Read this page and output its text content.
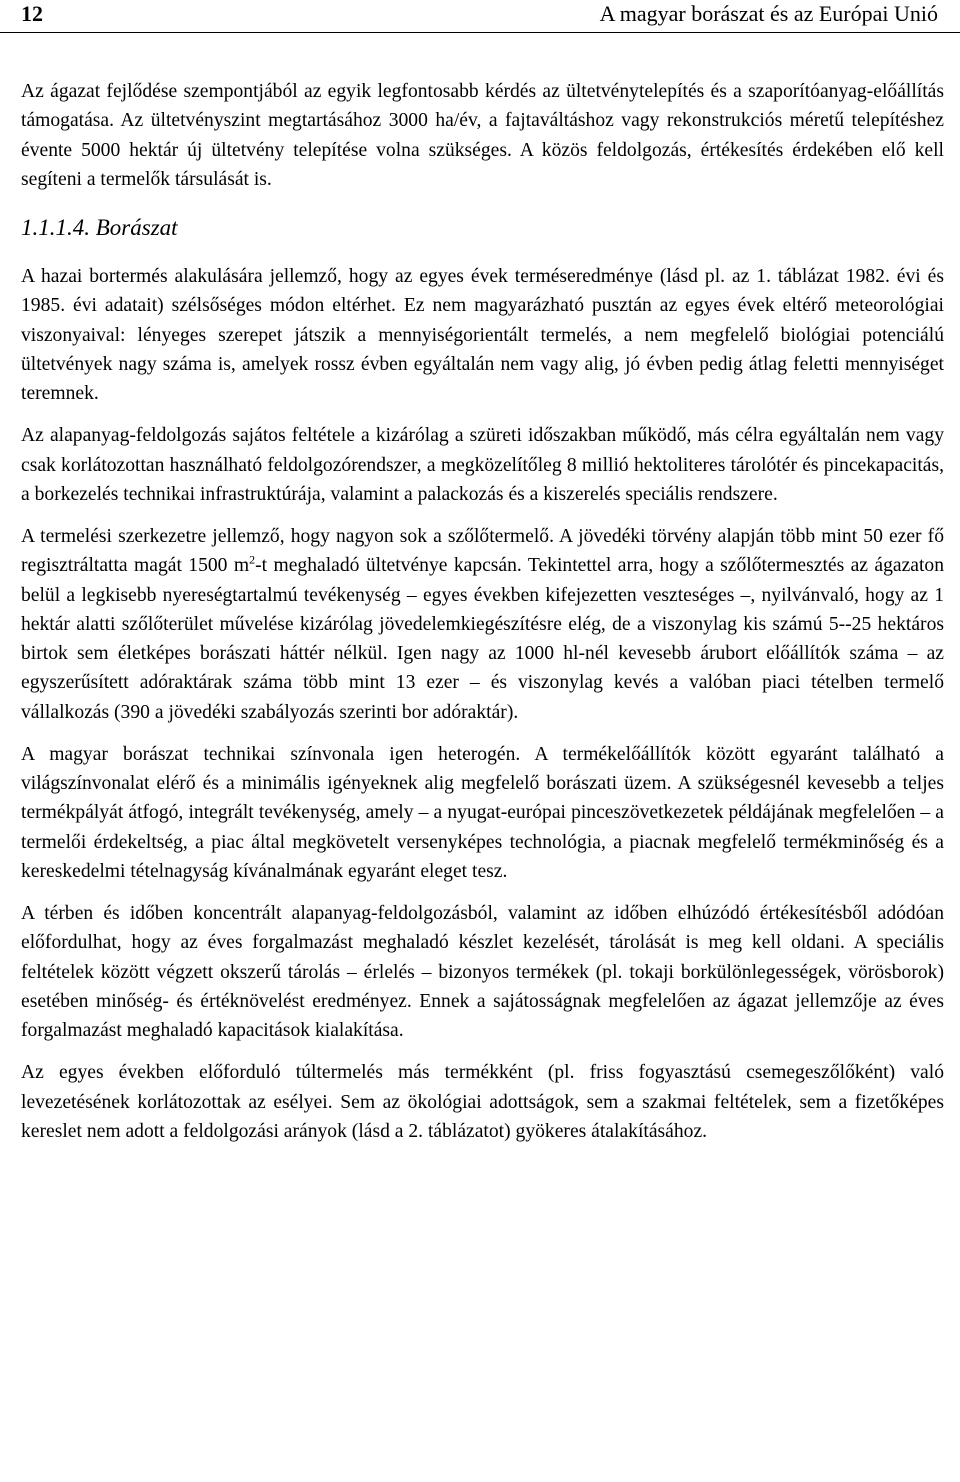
12	A magyar borászat és az Európai Unió

Az ágazat fejlődése szempontjából az egyik legfontosabb kérdés az ültetvénytelepítés és a szaporítóanyag-előállítás támogatása. Az ültetvényszint megtartásához 3000 ha/év, a fajtaváltáshoz vagy rekonstrukciós méretű telepítéshez évente 5000 hektár új ültetvény telepítése volna szükséges. A közös feldolgozás, értékesítés érdekében elő kell segíteni a termelők társulását is.

1.1.1.4. Borászat

A hazai bortermés alakulására jellemző, hogy az egyes évek terméseredménye (lásd pl. az 1. táblázat 1982. évi és 1985. évi adatait) szélsőséges módon eltérhet. Ez nem magyarázható pusztán az egyes évek eltérő meteorológiai viszonyaival: lényeges szerepet játszik a mennyiségorientált termelés, a nem megfelelő biológiai potenciálú ültetvények nagy száma is, amelyek rossz évben egyáltalán nem vagy alig, jó évben pedig átlag feletti mennyiséget teremnek.

Az alapanyag-feldolgozás sajátos feltétele a kizárólag a szüreti időszakban működő, más célra egyáltalán nem vagy csak korlátozottan használható feldolgozórendszer, a megközelítőleg 8 millió hektoliteres tárolótér és pincekapacitás, a borkezelés technikai infrastruktúrája, valamint a palackozás és a kiszerelés speciális rendszere.

A termelési szerkezetre jellemző, hogy nagyon sok a szőlőtermelő. A jövedéki törvény alapján több mint 50 ezer fő regisztráltatta magát 1500 $m^2-t$ meghaladó ültetvénye kapcsán. Tekintettel arra, hogy a szőlőtermesztés az ágazaton belül a legkisebb nyereségtartalmú tevékenység – egyes években kifejezetten veszteséges –, nyilvánvaló, hogy az 1 hektár alatti szőlőterület művelése kizárólag jövedelemkiegészítésre elég, de a viszonylag kis számú 5--25 hektáros birtok sem életképes borászati háttér nélkül. Igen nagy az 1000 hl-nél kevesebb árubort előállítók száma – az egyszerűsített adóraktárak száma több mint 13 ezer – és viszonylag kevés a valóban piaci tételben termelő vállalkozás (390 a jövedéki szabályozás szerinti bor adóraktár).

A magyar borászat technikai színvonala igen heterogén. A termékelőállítók között egyaránt található a világszínvonalat elérő és a minimális igényeknek alig megfelelő borászati üzem. A szükségesnél kevesebb a teljes termékpályát átfogó, integrált tevékenység, amely – a nyugat-európai pinceszövetkezetek példájának megfelelően – a termelői érdekeltség, a piac által megkövetelt versenyképes technológia, a piacnak megfelelő termékminőség és a kereskedelmi tételnagyság kívánalmának egyaránt eleget tesz.

A térben és időben koncentrált alapanyag-feldolgozásból, valamint az időben elhúzódó értékesítésből adódóan előfordulhat, hogy az éves forgalmazást meghaladó készlet kezelését, tárolását is meg kell oldani. A speciális feltételek között végzett okszerű tárolás – érlelés – bizonyos termékek (pl. tokaji borkülönlegességek, vörösborok) esetében minőség- és értéknövelést eredményez. Ennek a sajátosságnak megfelelően az ágazat jellemzője az éves forgalmazást meghaladó kapacitások kialakítása.

Az egyes években előforduló túltermelés más termékként (pl. friss fogyasztású csemegeszőlőként) való levezetésének korlátozottak az esélyei. Sem az ökológiai adottságok, sem a szakmai feltételek, sem a fizetőképes kereslet nem adott a feldolgozási arányok (lásd a 2. táblázatot) gyökeres átalakításához.
